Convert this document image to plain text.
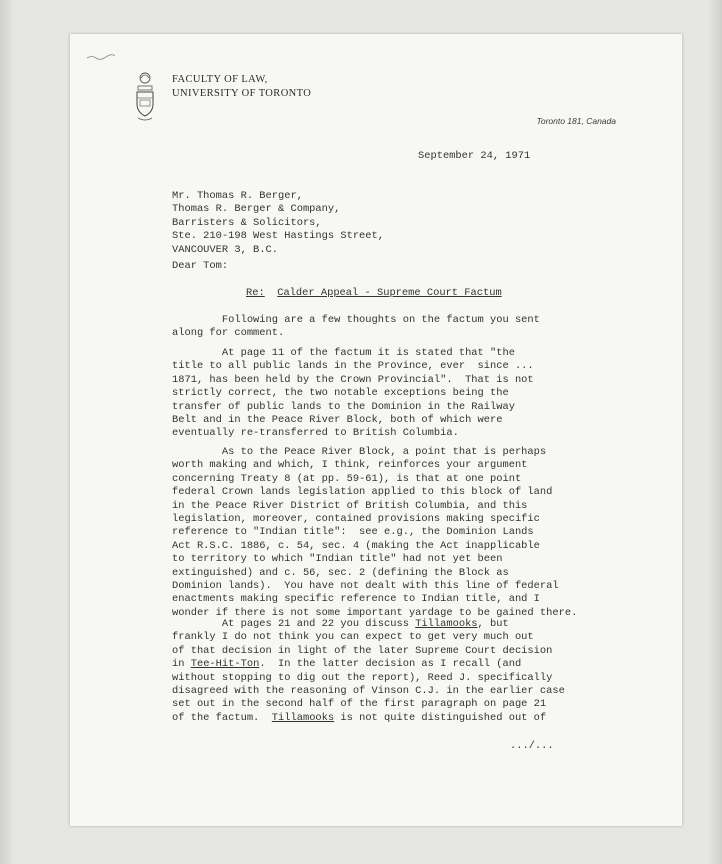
FACULTY OF LAW,
UNIVERSITY OF TORONTO
Toronto 181, Canada
September 24, 1971
Mr. Thomas R. Berger,
Thomas R. Berger & Company,
Barristers & Solicitors,
Ste. 210-198 West Hastings Street,
VANCOUVER 3, B.C.
Dear Tom:
Re: Calder Appeal - Supreme Court Factum
Following are a few thoughts on the factum you sent
along for comment.
At page 11 of the factum it is stated that "the
title to all public lands in the Province, ever  since ...
1871, has been held by the Crown Provincial".  That is not
strictly correct, the two notable exceptions being the
transfer of public lands to the Dominion in the Railway
Belt and in the Peace River Block, both of which were
eventually re-transferred to British Columbia.
As to the Peace River Block, a point that is perhaps
worth making and which, I think, reinforces your argument
concerning Treaty 8 (at pp. 59-61), is that at one point
federal Crown lands legislation applied to this block of land
in the Peace River District of British Columbia, and this
legislation, moreover, contained provisions making specific
reference to "Indian title":  see e.g., the Dominion Lands
Act R.S.C. 1886, c. 54, sec. 4 (making the Act inapplicable
to territory to which "Indian title" had not yet been
extinguished) and c. 56, sec. 2 (defining the Block as
Dominion lands).  You have not dealt with this line of federal
enactments making specific reference to Indian title, and I
wonder if there is not some important yardage to be gained there.
At pages 21 and 22 you discuss Tillamooks, but
frankly I do not think you can expect to get very much out
of that decision in light of the later Supreme Court decision
in Tee-Hit-Ton.  In the latter decision as I recall (and
without stopping to dig out the report), Reed J. specifically
disagreed with the reasoning of Vinson C.J. in the earlier case
set out in the second half of the first paragraph on page 21
of the factum.  Tillamooks is not quite distinguished out of
.../...
